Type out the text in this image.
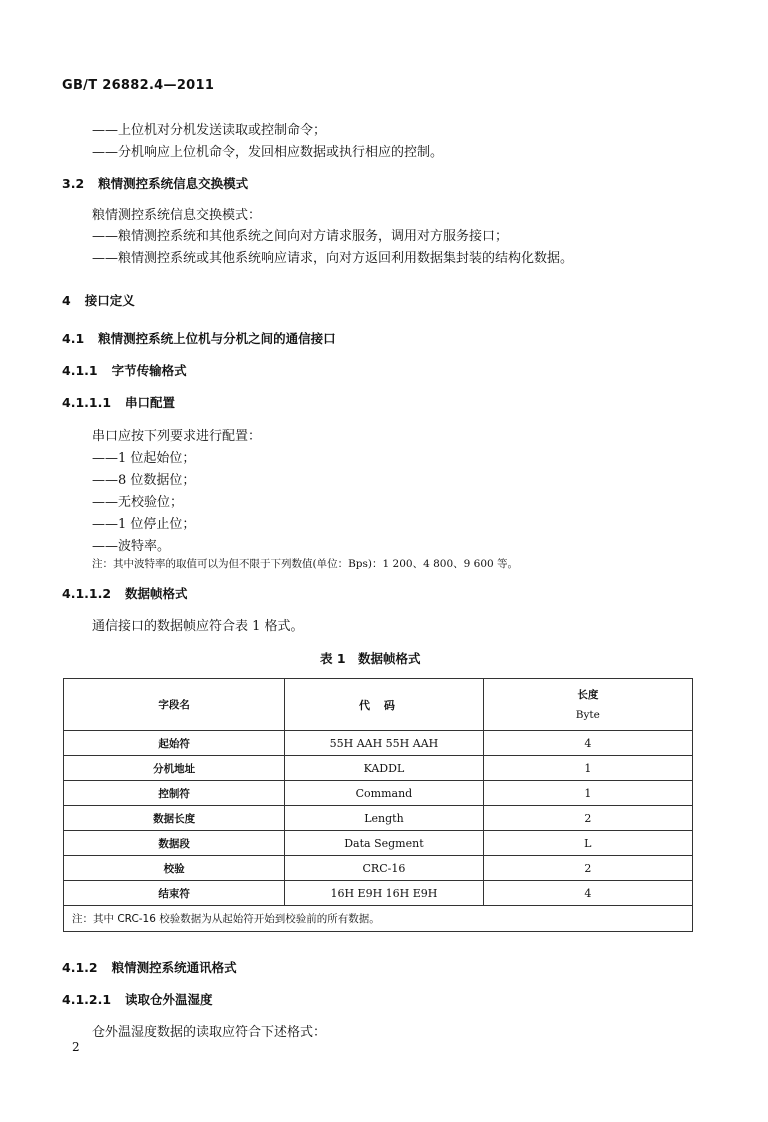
GB/T 26882.4—2011
——上位机对分机发送读取或控制命令；
——分机响应上位机命令，发回相应数据或执行相应的控制。
3.2 粮情测控系统信息交换模式
粮情测控系统信息交换模式：
——粮情测控系统和其他系统之间向对方请求服务，调用对方服务接口；
——粮情测控系统或其他系统响应请求，向对方返回利用数据集封装的结构化数据。
4 接口定义
4.1 粮情测控系统上位机与分机之间的通信接口
4.1.1 字节传输格式
4.1.1.1 串口配置
串口应按下列要求进行配置：
——1 位起始位；
——8 位数据位；
——无校验位；
——1 位停止位；
——波特率。
注：其中波特率的取值可以为但不限于下列数值(单位：Bps)：1 200、4 800、9 600 等。
4.1.1.2 数据帧格式
通信接口的数据帧应符合表 1 格式。
表 1　数据帧格式
字段名	代码	长度
Byte

起始符	55H AAH 55H AAH	4
分机地址	KADDL	1
控制符	Command	1
数据长度	Length	2
数据段	Data Segment	L
校验	CRC-16	2
结束符	16H E9H 16H E9H	4
注：其中 CRC-16 校验数据为从起始符开始到校验前的所有数据。		
4.1.2 粮情测控系统通讯格式
4.1.2.1 读取仓外温湿度
仓外温湿度数据的读取应符合下述格式：
2
